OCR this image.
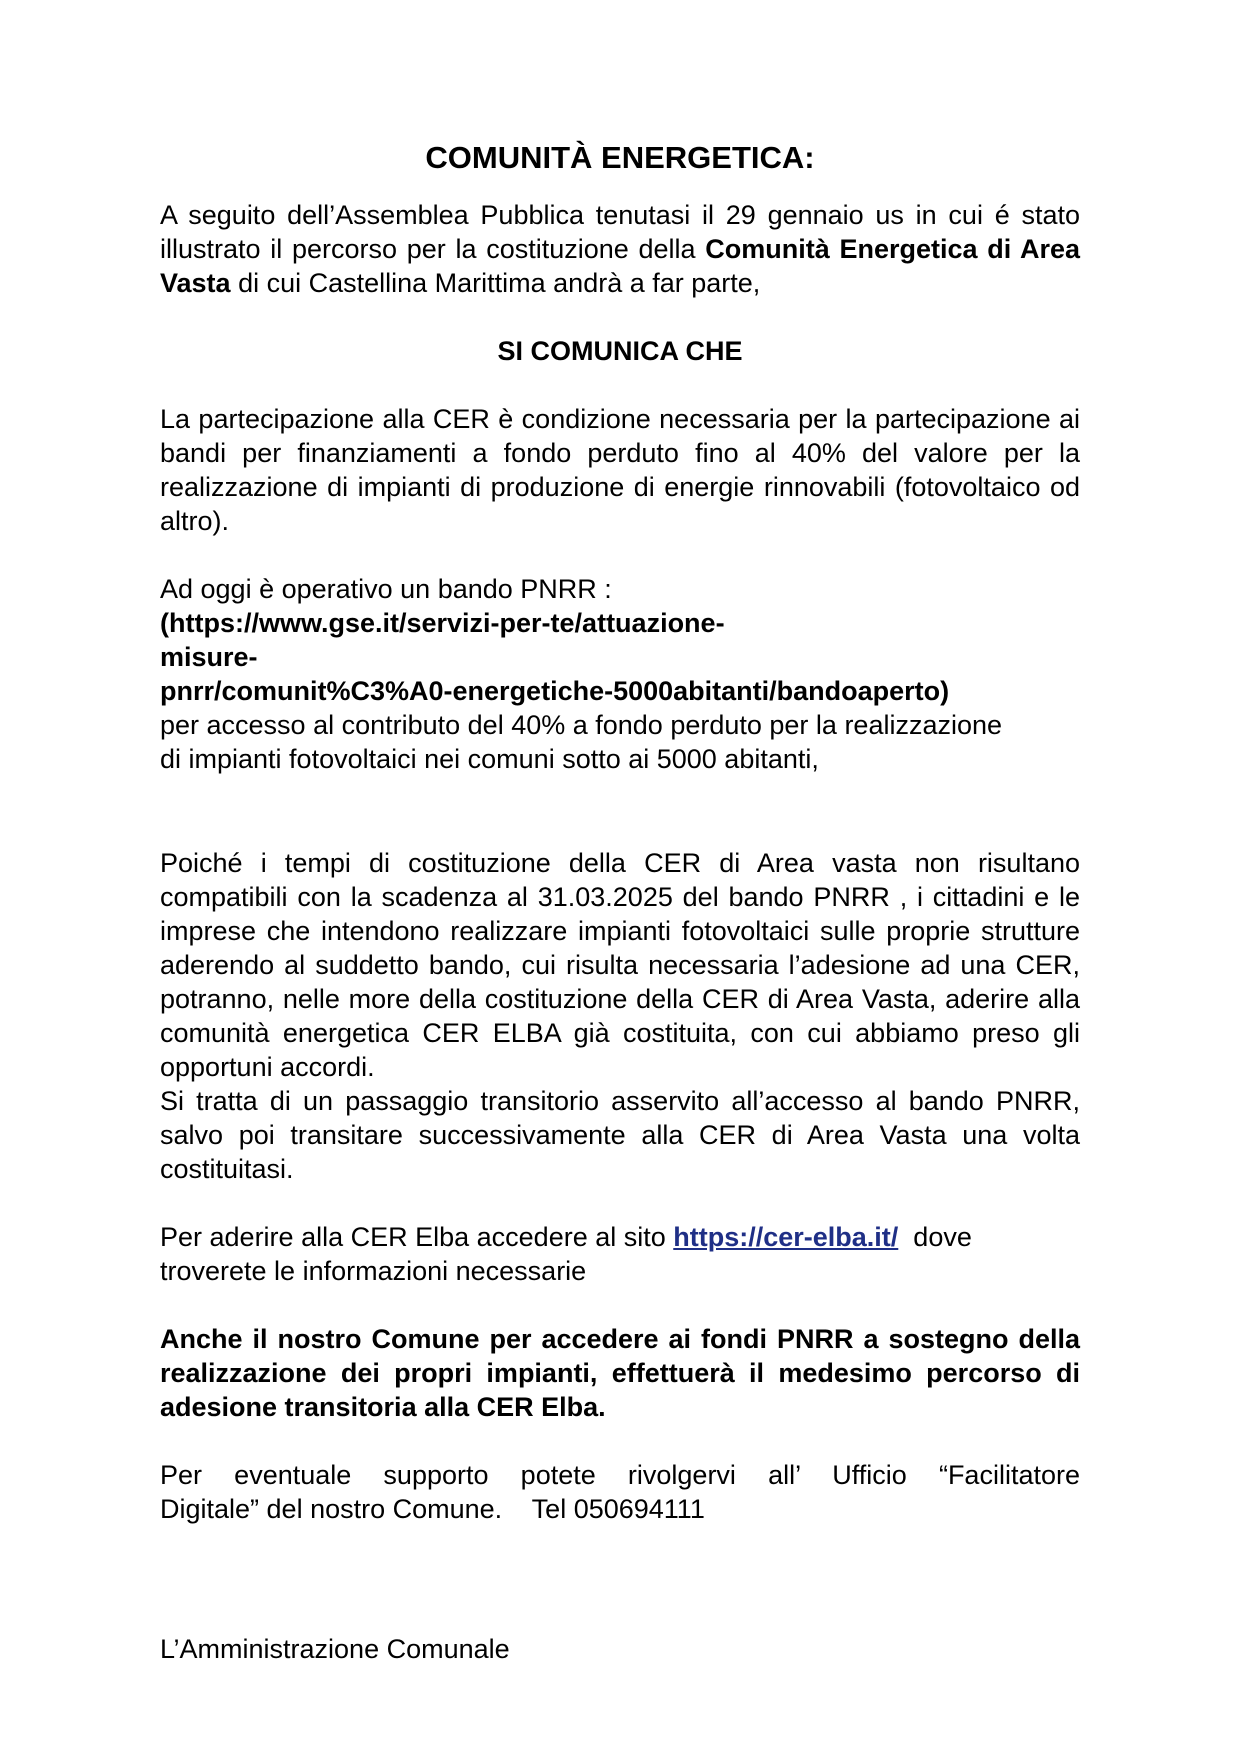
COMUNITÀ ENERGETICA:

A seguito dell’Assemblea Pubblica tenutasi il 29 gennaio us in cui é stato illustrato il percorso per la costituzione della Comunità Energetica di Area Vasta di cui Castellina Marittima andrà a far parte,

SI COMUNICA CHE

La partecipazione alla CER è condizione necessaria per la partecipazione ai bandi per finanziamenti a fondo perduto fino al 40% del valore per la realizzazione di impianti di produzione di energie rinnovabili (fotovoltaico od altro).

Ad oggi è operativo un bando PNRR :

(https://www.gse.it/servizi-per-te/attuazione-

misure-

pnrr/comunit%C3%A0-energetiche-5000abitanti/bandoaperto)

per accesso al contributo del 40% a fondo perduto per la realizzazione

di impianti fotovoltaici nei comuni sotto ai 5000 abitanti,

Poiché i tempi di costituzione della CER di Area vasta non risultano compatibili con la scadenza al 31.03.2025 del bando PNRR , i cittadini e le imprese che intendono realizzare impianti fotovoltaici sulle proprie strutture aderendo al suddetto bando, cui risulta necessaria l’adesione ad una CER, potranno, nelle more della costituzione della CER di Area Vasta, aderire alla comunità energetica CER ELBA già costituita, con cui abbiamo preso gli opportuni accordi.

Si tratta di un passaggio transitorio asservito all’accesso al bando PNRR, salvo poi transitare successivamente alla CER di Area Vasta una volta costituitasi.

Per aderire alla CER Elba accedere al sito https://cer-elba.it/  dove

troverete le informazioni necessarie

Anche il nostro Comune per accedere ai fondi PNRR a sostegno della realizzazione dei propri impianti, effettuerà il medesimo percorso di adesione transitoria alla CER Elba.

Per eventuale supporto potete rivolgervi all’ Ufficio “Facilitatore

Digitale” del nostro Comune.    Tel 050694111

L’Amministrazione Comunale
